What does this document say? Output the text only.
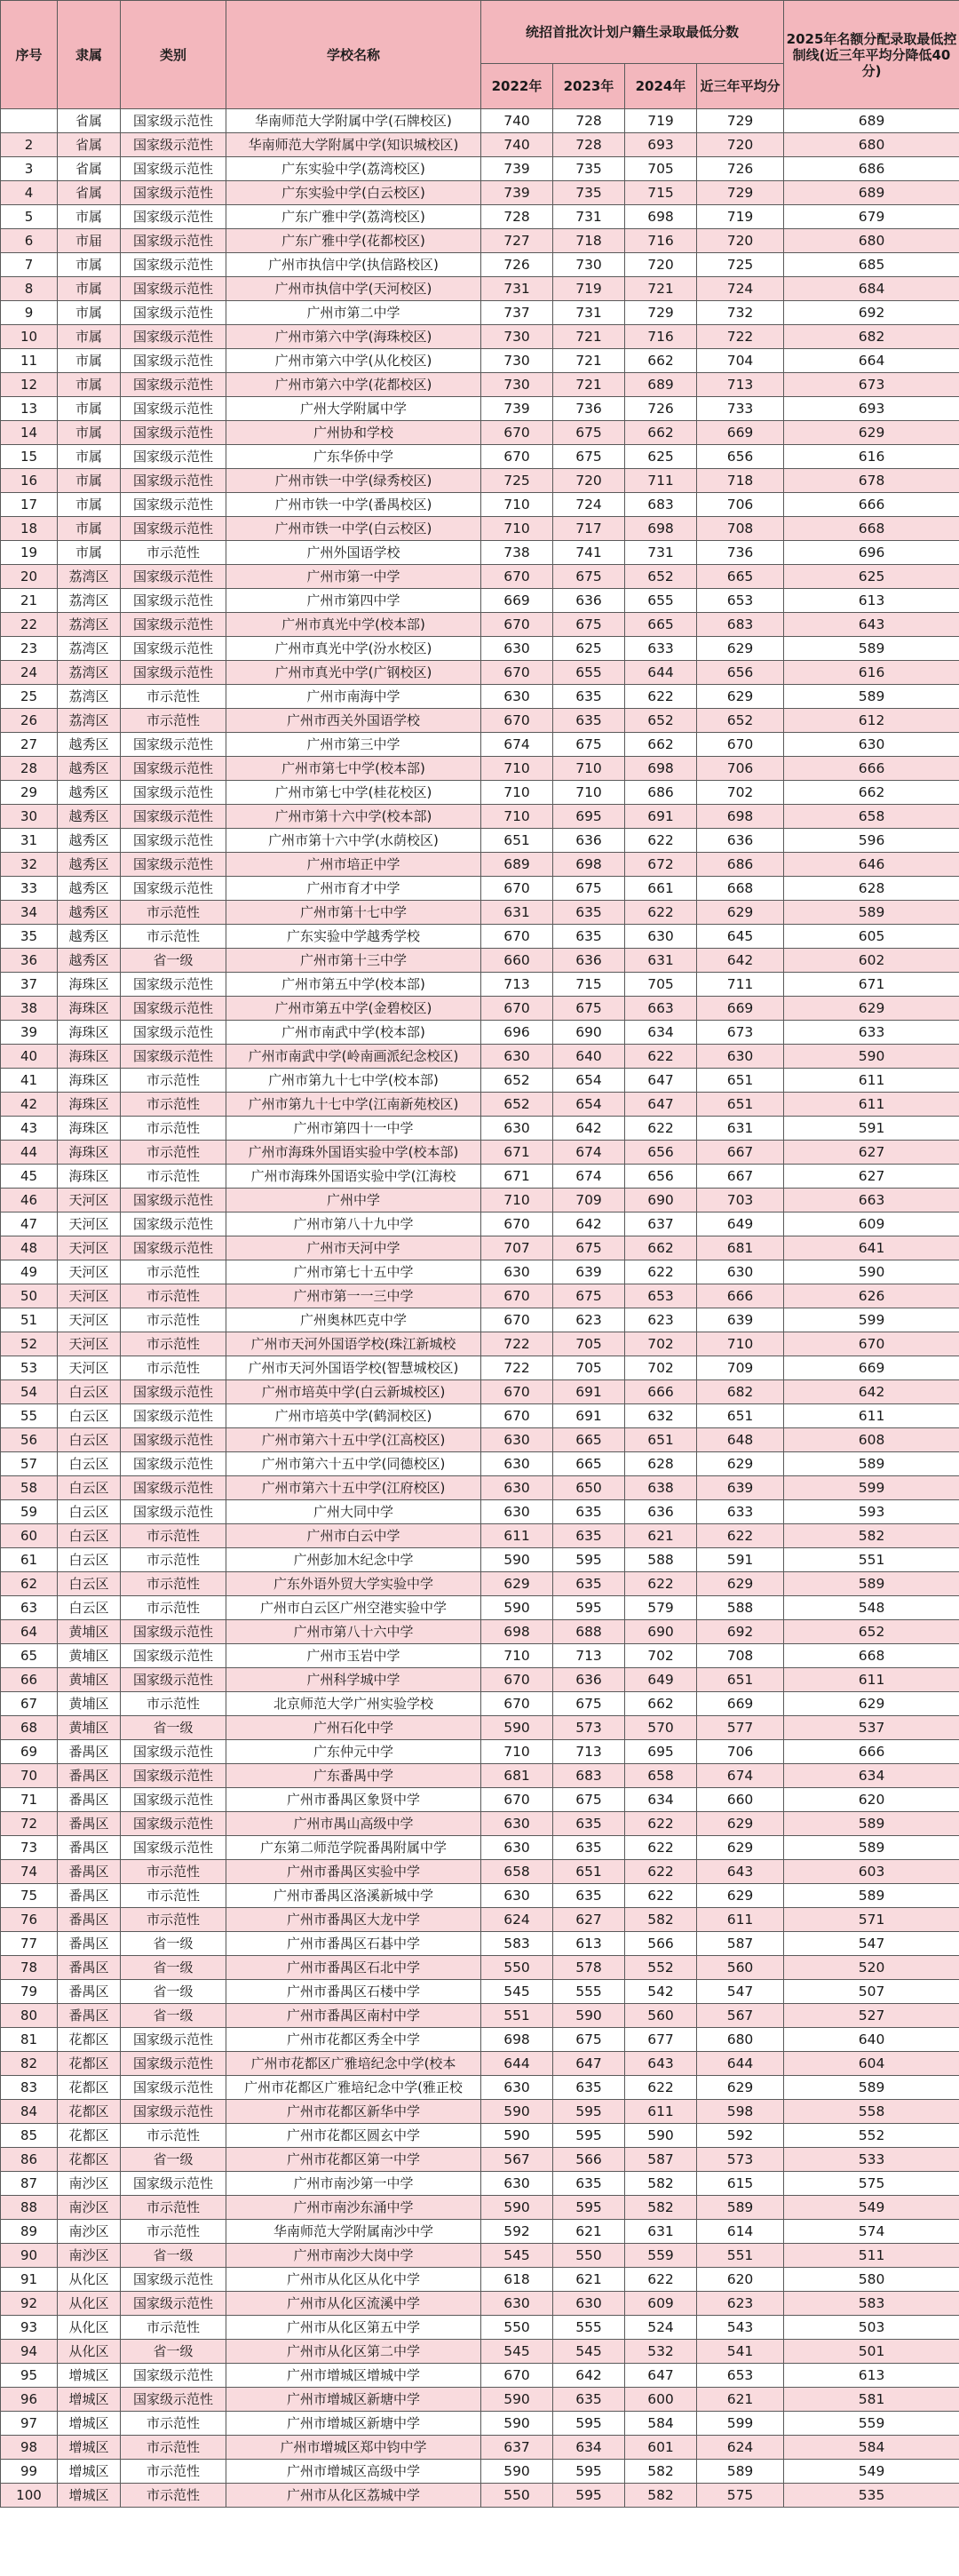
序号	隶属	类别	学校名称	统招首批次计划户籍生录取最低分数				2025年名额分配录取最低控制线(近三年平均分降低40分)
				2022年	2023年	2024年	近三年平均分	
	省属	国家级示范性	华南师范大学附属中学(石牌校区)	740	728	719	729	689
2	省属	国家级示范性	华南师范大学附属中学(知识城校区)	740	728	693	720	680
3	省属	国家级示范性	广东实验中学(荔湾校区)	739	735	705	726	686
4	省属	国家级示范性	广东实验中学(白云校区)	739	735	715	729	689
5	市属	国家级示范性	广东广雅中学(荔湾校区)	728	731	698	719	679
6	市届	国家级示范性	广东广雅中学(花都校区)	727	718	716	720	680
7	市属	国家级示范性	广州市执信中学(执信路校区)	726	730	720	725	685
8	市属	国家级示范性	广州市执信中学(天河校区)	731	719	721	724	684
9	市属	国家级示范性	广州市第二中学	737	731	729	732	692
10	市属	国家级示范性	广州市第六中学(海珠校区)	730	721	716	722	682
11	市属	国家级示范性	广州市第六中学(从化校区)	730	721	662	704	664
12	市属	国家级示范性	广州市第六中学(花都校区)	730	721	689	713	673
13	市属	国家级示范性	广州大学附属中学	739	736	726	733	693
14	市属	国家级示范性	广州协和学校	670	675	662	669	629
15	市属	国家级示范性	广东华侨中学	670	675	625	656	616
16	市属	国家级示范性	广州市铁一中学(绿秀校区)	725	720	711	718	678
17	市属	国家级示范性	广州市铁一中学(番禺校区)	710	724	683	706	666
18	市属	国家级示范性	广州市铁一中学(白云校区)	710	717	698	708	668
19	市属	市示范性	广州外国语学校	738	741	731	736	696
20	荔湾区	国家级示范性	广州市第一中学	670	675	652	665	625
21	荔湾区	国家级示范性	广州市第四中学	669	636	655	653	613
22	荔湾区	国家级示范性	广州市真光中学(校本部)	670	675	665	683	643
23	荔湾区	国家级示范性	广州市真光中学(汾水校区)	630	625	633	629	589
24	荔湾区	国家级示范性	广州市真光中学(广钢校区)	670	655	644	656	616
25	荔湾区	市示范性	广州市南海中学	630	635	622	629	589
26	荔湾区	市示范性	广州市西关外国语学校	670	635	652	652	612
27	越秀区	国家级示范性	广州市第三中学	674	675	662	670	630
28	越秀区	国家级示范性	广州市第七中学(校本部)	710	710	698	706	666
29	越秀区	国家级示范性	广州市第七中学(桂花校区)	710	710	686	702	662
30	越秀区	国家级示范性	广州市第十六中学(校本部)	710	695	691	698	658
31	越秀区	国家级示范性	广州市第十六中学(水荫校区)	651	636	622	636	596
32	越秀区	国家级示范性	广州市培正中学	689	698	672	686	646
33	越秀区	国家级示范性	广州市育才中学	670	675	661	668	628
34	越秀区	市示范性	广州市第十七中学	631	635	622	629	589
35	越秀区	市示范性	广东实验中学越秀学校	670	635	630	645	605
36	越秀区	省一级	广州市第十三中学	660	636	631	642	602
37	海珠区	国家级示范性	广州市第五中学(校本部)	713	715	705	711	671
38	海珠区	国家级示范性	广州市第五中学(金碧校区)	670	675	663	669	629
39	海珠区	国家级示范性	广州市南武中学(校本部)	696	690	634	673	633
40	海珠区	国家级示范性	广州市南武中学(岭南画派纪念校区)	630	640	622	630	590
41	海珠区	市示范性	广州市第九十七中学(校本部)	652	654	647	651	611
42	海珠区	市示范性	广州市第九十七中学(江南新苑校区)	652	654	647	651	611
43	海珠区	市示范性	广州市第四十一中学	630	642	622	631	591
44	海珠区	市示范性	广州市海珠外国语实验中学(校本部)	671	674	656	667	627
45	海珠区	市示范性	广州市海珠外国语实验中学(江海校	671	674	656	667	627
46	天河区	国家级示范性	广州中学	710	709	690	703	663
47	天河区	国家级示范性	广州市第八十九中学	670	642	637	649	609
48	天河区	国家级示范性	广州市天河中学	707	675	662	681	641
49	天河区	市示范性	广州市第七十五中学	630	639	622	630	590
50	天河区	市示范性	广州市第一一三中学	670	675	653	666	626
51	天河区	市示范性	广州奥林匹克中学	670	623	623	639	599
52	天河区	市示范性	广州市天河外国语学校(珠江新城校	722	705	702	710	670
53	天河区	市示范性	广州市天河外国语学校(智慧城校区)	722	705	702	709	669
54	白云区	国家级示范性	广州市培英中学(白云新城校区)	670	691	666	682	642
55	白云区	国家级示范性	广州市培英中学(鹤洞校区)	670	691	632	651	611
56	白云区	国家级示范性	广州市第六十五中学(江高校区)	630	665	651	648	608
57	白云区	国家级示范性	广州市第六十五中学(同德校区)	630	665	628	629	589
58	白云区	国家级示范性	广州市第六十五中学(江府校区)	630	650	638	639	599
59	白云区	国家级示范性	广州大同中学	630	635	636	633	593
60	白云区	市示范性	广州市白云中学	611	635	621	622	582
61	白云区	市示范性	广州彭加木纪念中学	590	595	588	591	551
62	白云区	市示范性	广东外语外贸大学实验中学	629	635	622	629	589
63	白云区	市示范性	广州市白云区广州空港实验中学	590	595	579	588	548
64	黄埔区	国家级示范性	广州市第八十六中学	698	688	690	692	652
65	黄埔区	国家级示范性	广州市玉岩中学	710	713	702	708	668
66	黄埔区	国家级示范性	广州科学城中学	670	636	649	651	611
67	黄埔区	市示范性	北京师范大学广州实验学校	670	675	662	669	629
68	黄埔区	省一级	广州石化中学	590	573	570	577	537
69	番禺区	国家级示范性	广东仲元中学	710	713	695	706	666
70	番禺区	国家级示范性	广东番禺中学	681	683	658	674	634
71	番禺区	国家级示范性	广州市番禺区象贤中学	670	675	634	660	620
72	番禺区	国家级示范性	广州市禺山高级中学	630	635	622	629	589
73	番禺区	国家级示范性	广东第二师范学院番禺附属中学	630	635	622	629	589
74	番禺区	市示范性	广州市番禺区实验中学	658	651	622	643	603
75	番禺区	市示范性	广州市番禺区洛溪新城中学	630	635	622	629	589
76	番禺区	市示范性	广州市番禺区大龙中学	624	627	582	611	571
77	番禺区	省一级	广州市番禺区石碁中学	583	613	566	587	547
78	番禺区	省一级	广州市番禺区石北中学	550	578	552	560	520
79	番禺区	省一级	广州市番禺区石楼中学	545	555	542	547	507
80	番禺区	省一级	广州市番禺区南村中学	551	590	560	567	527
81	花都区	国家级示范性	广州市花都区秀全中学	698	675	677	680	640
82	花都区	国家级示范性	广州市花都区广雅培纪念中学(校本	644	647	643	644	604
83	花都区	国家级示范性	广州市花都区广雅培纪念中学(雅正校	630	635	622	629	589
84	花都区	国家级示范性	广州市花都区新华中学	590	595	611	598	558
85	花都区	市示范性	广州市花都区圆玄中学	590	595	590	592	552
86	花都区	省一级	广州市花都区第一中学	567	566	587	573	533
87	南沙区	国家级示范性	广州市南沙第一中学	630	635	582	615	575
88	南沙区	市示范性	广州市南沙东涌中学	590	595	582	589	549
89	南沙区	市示范性	华南师范大学附属南沙中学	592	621	631	614	574
90	南沙区	省一级	广州市南沙大岗中学	545	550	559	551	511
91	从化区	国家级示范性	广州市从化区从化中学	618	621	622	620	580
92	从化区	国家级示范性	广州市从化区流溪中学	630	630	609	623	583
93	从化区	市示范性	广州市从化区第五中学	550	555	524	543	503
94	从化区	省一级	广州市从化区第二中学	545	545	532	541	501
95	增城区	国家级示范性	广州市增城区增城中学	670	642	647	653	613
96	增城区	国家级示范性	广州市增城区新塘中学	590	635	600	621	581
97	增城区	市示范性	广州市增城区新塘中学	590	595	584	599	559
98	增城区	市示范性	广州市增城区郑中钧中学	637	634	601	624	584
99	增城区	市示范性	广州市增城区高级中学	590	595	582	589	549
100	增城区	市示范性	广州市从化区荔城中学	550	595	582	575	535
